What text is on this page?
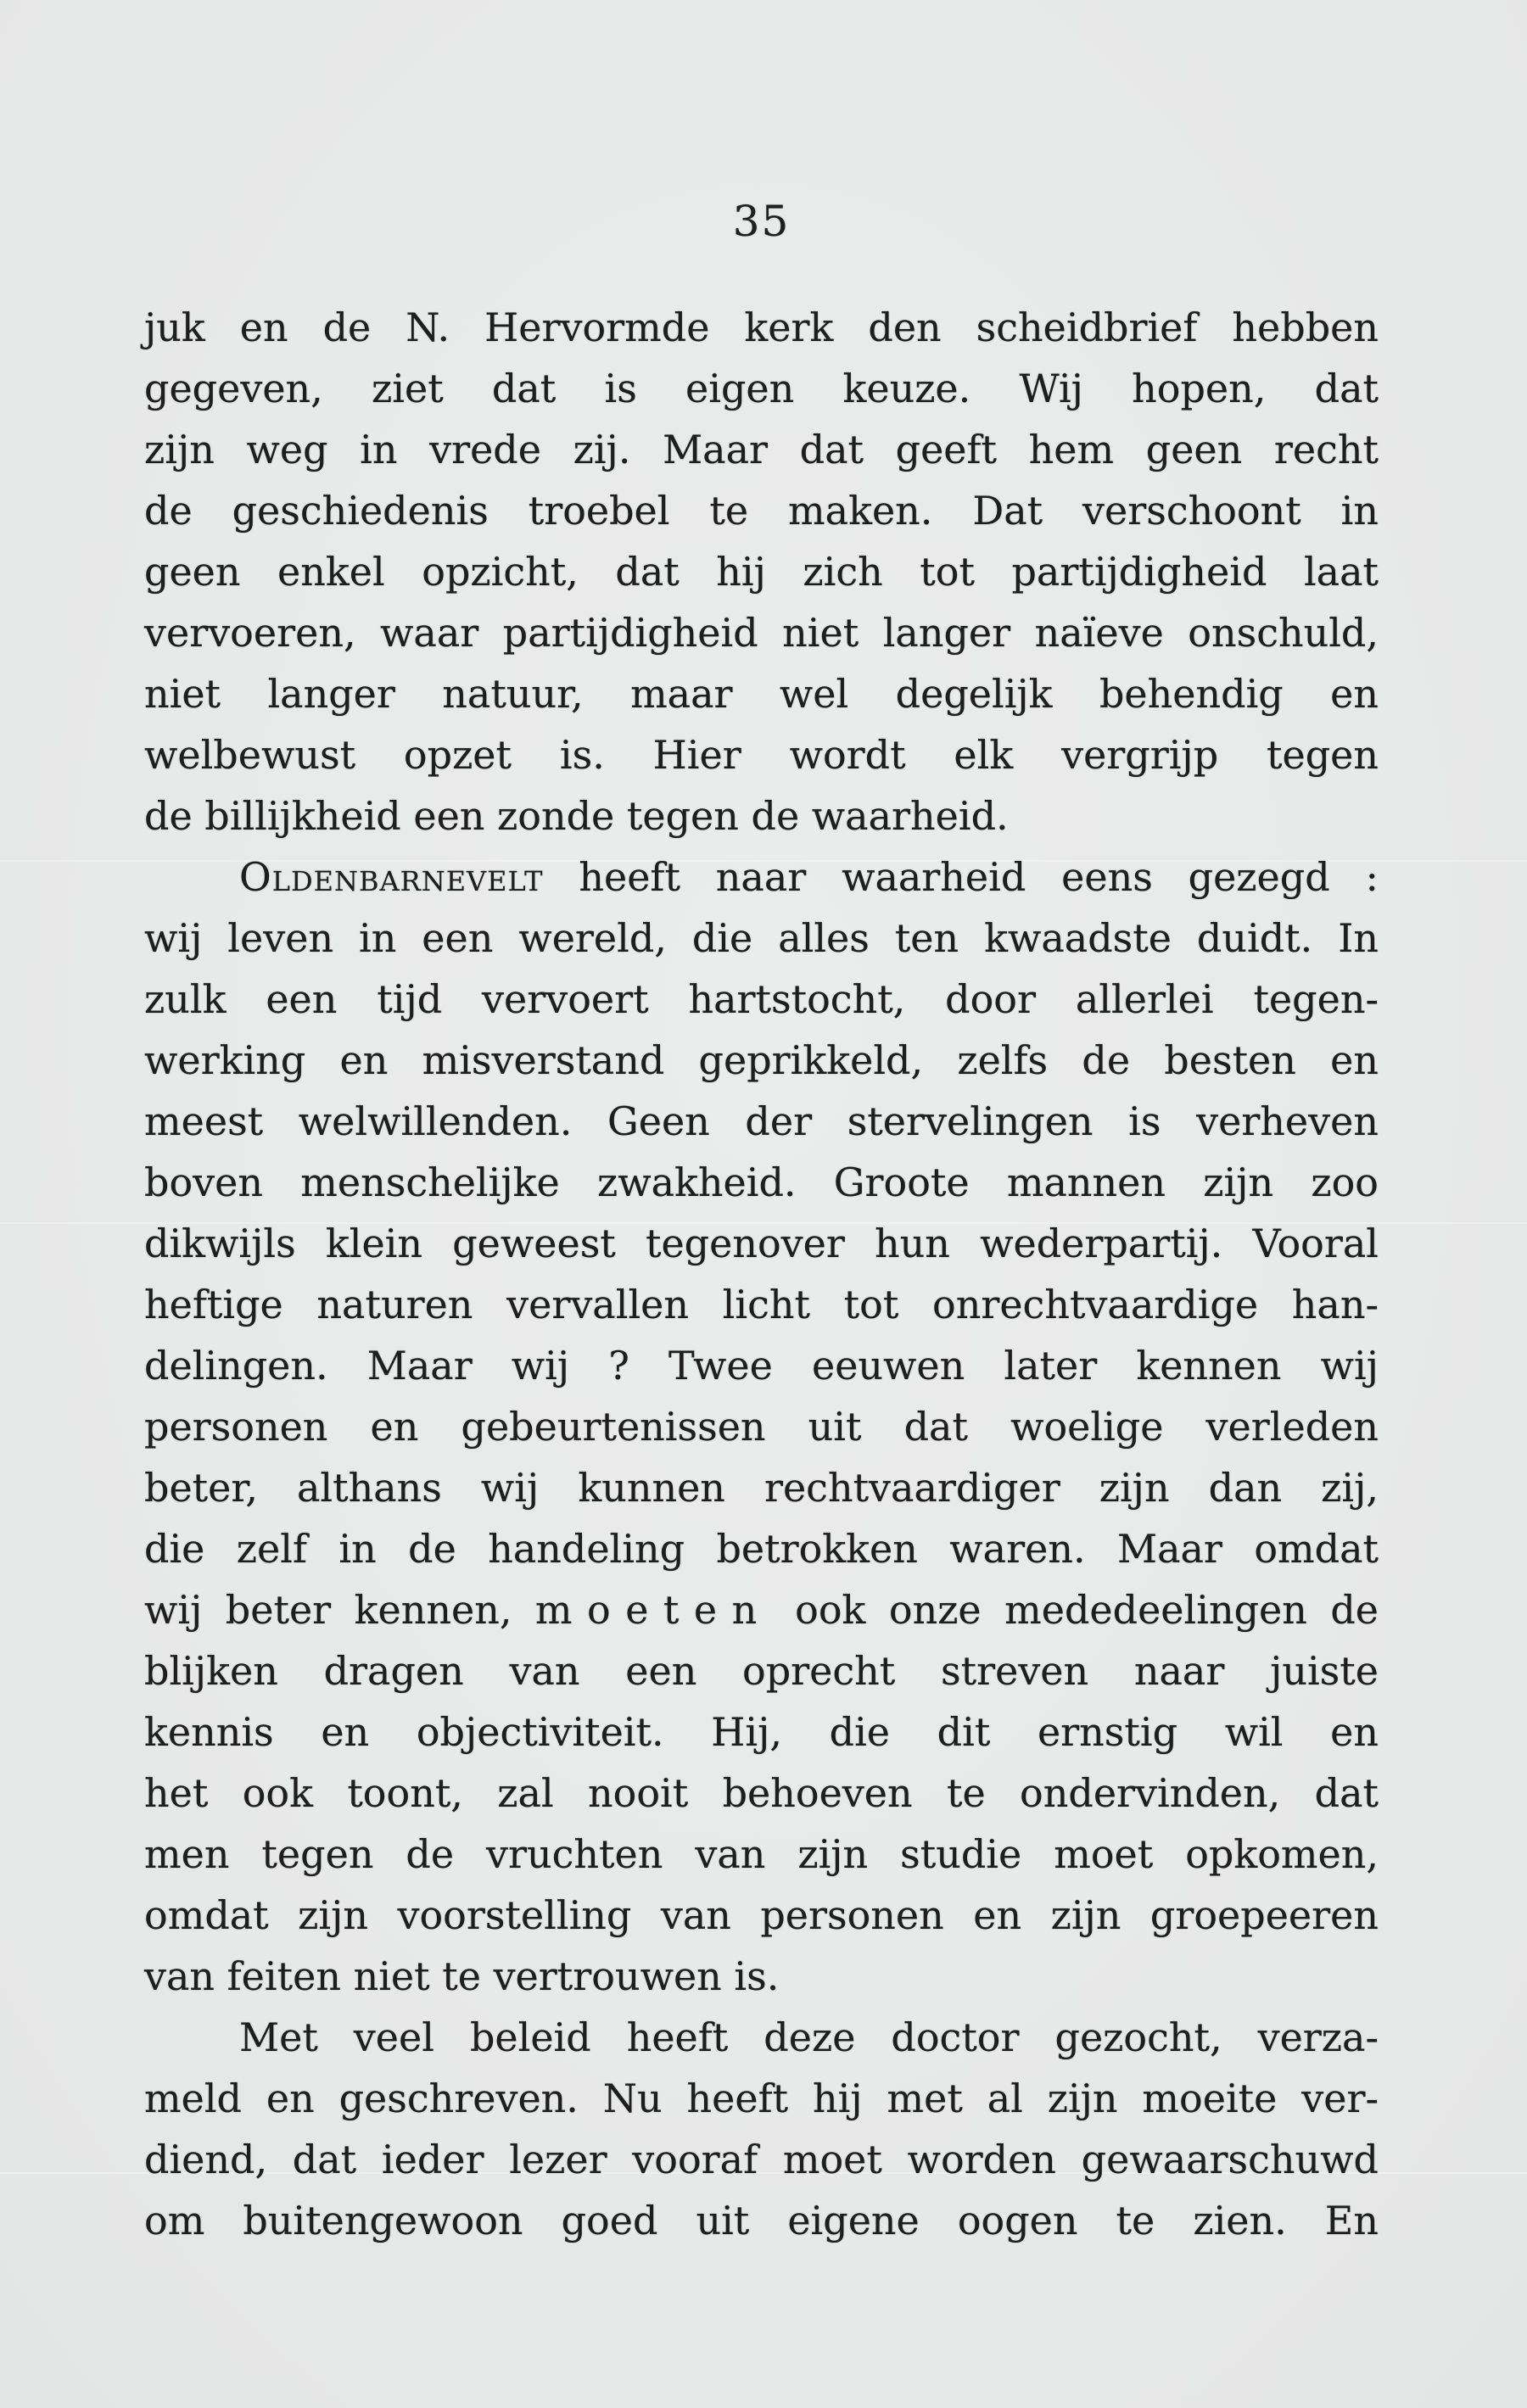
35
juk en de N. Hervormde kerk den scheidbrief hebben
gegeven, ziet dat is eigen keuze. Wij hopen, dat
zijn weg in vrede zij. Maar dat geeft hem geen recht
de geschiedenis troebel te maken. Dat verschoont in
geen enkel opzicht, dat hij zich tot partijdigheid laat
vervoeren, waar partijdigheid niet langer naïeve onschuld,
niet langer natuur, maar wel degelijk behendig en
welbewust opzet is. Hier wordt elk vergrijp tegen
de billijkheid een zonde tegen de waarheid.
Oldenbarnevelt heeft naar waarheid eens gezegd :
wij leven in een wereld, die alles ten kwaadste duidt. In
zulk een tijd vervoert hartstocht, door allerlei tegen-
werking en misverstand geprikkeld, zelfs de besten en
meest welwillenden. Geen der stervelingen is verheven
boven menschelijke zwakheid. Groote mannen zijn zoo
dikwijls klein geweest tegenover hun wederpartij. Vooral
heftige naturen vervallen licht tot onrechtvaardige han-
delingen. Maar wij ? Twee eeuwen later kennen wij
personen en gebeurtenissen uit dat woelige verleden
beter, althans wij kunnen rechtvaardiger zijn dan zij,
die zelf in de handeling betrokken waren. Maar omdat
wij beter kennen, moeten ook onze mededeelingen de
blijken dragen van een oprecht streven naar juiste
kennis en objectiviteit. Hij, die dit ernstig wil en
het ook toont, zal nooit behoeven te ondervinden, dat
men tegen de vruchten van zijn studie moet opkomen,
omdat zijn voorstelling van personen en zijn groepeeren
van feiten niet te vertrouwen is.
Met veel beleid heeft deze doctor gezocht, verza-
meld en geschreven. Nu heeft hij met al zijn moeite ver-
diend, dat ieder lezer vooraf moet worden gewaarschuwd
om buitengewoon goed uit eigene oogen te zien. En
